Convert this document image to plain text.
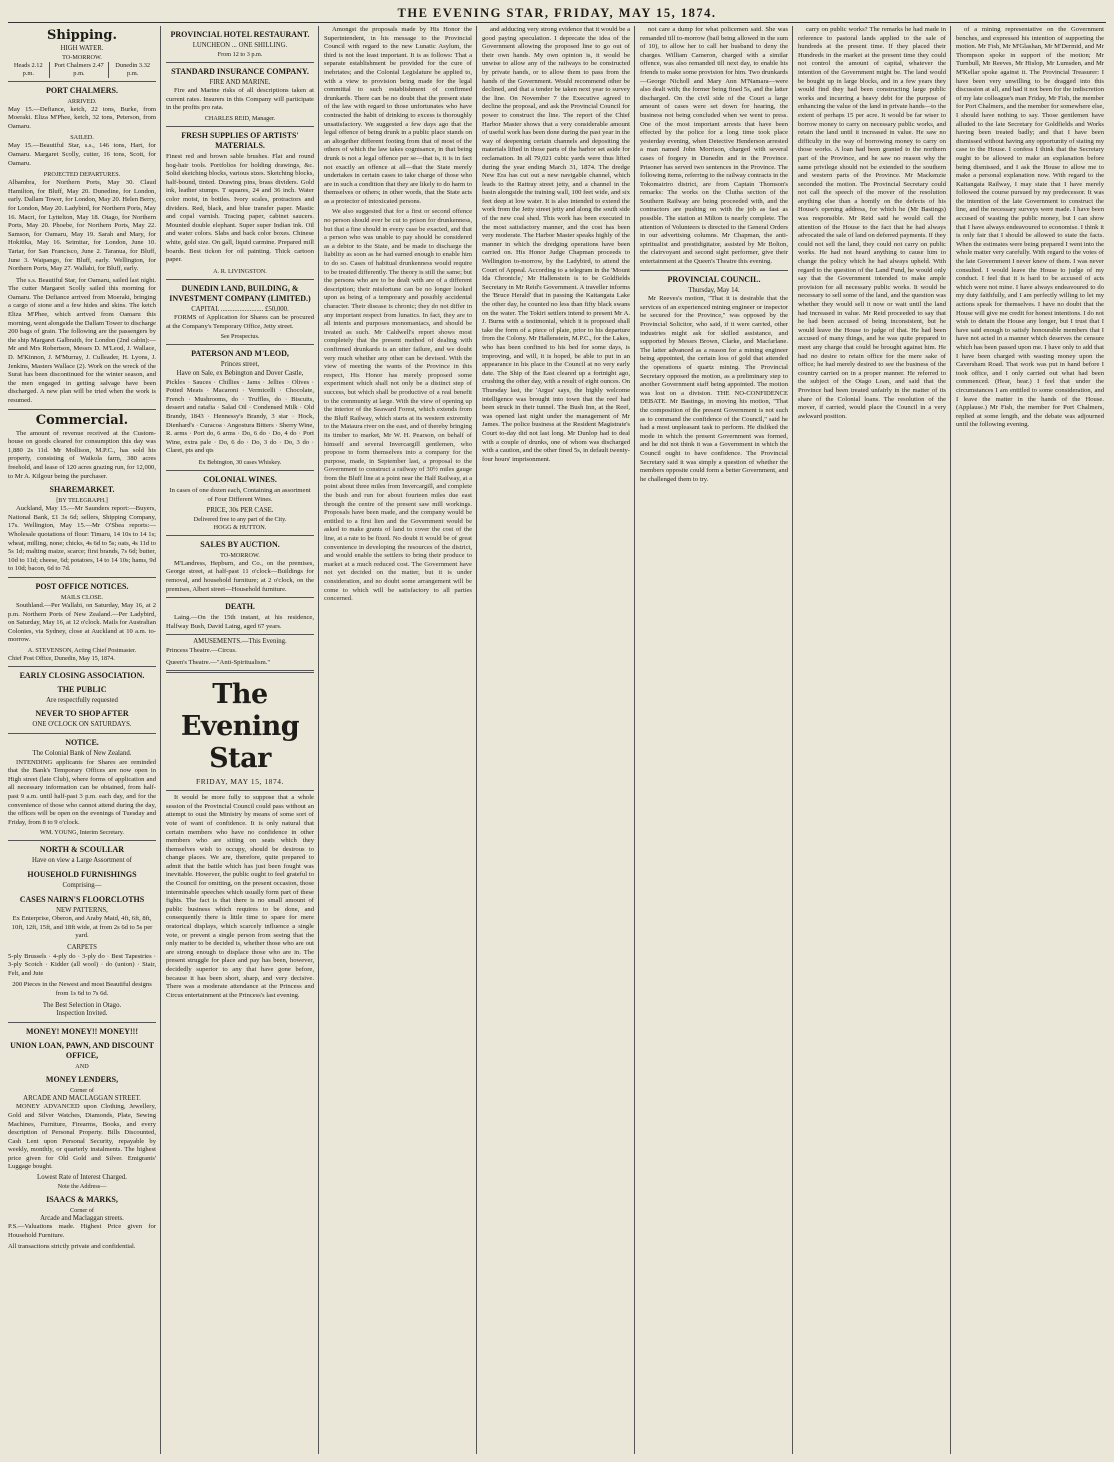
THE EVENING STAR, FRIDAY, MAY 15, 1874.
Shipping.
HIGH WATER.
TO-MORROW.
Heads 2.12 p.m.	Port Chalmers 2.47 p.m.	Dunedin 3.32 p.m.
PORT CHALMERS.
ARRIVED.
May 15.—Defiance, ketch, 22 tons, Burke, from Moeraki. Eliza M'Phee, ketch, 32 tons, Peterson, from Oamaru.
SAILED.
May 15.—Beautiful Star, s.s., 146 tons, Hart, for Oamaru. Margaret Scolly, cutter, 16 tons, Scott, for Oamaru.
PROJECTED DEPARTURES.
Albambra, for Northern Ports, May 30. Claud Hamilton, for Bluff, May 20. Dunedine, for London, early. Dallam Tower, for London, May 20. Helen Berry, for London, May 20. Ladybird, for Northern Ports, May 16. Macri, for Lyttelton, May 18. Otago, for Northern Ports, May 20. Phoebe, for Northern Ports, May 22. Samson, for Oamaru, May 19. Sarah and Mary, for Hokitika, May 16. Seimitar, for London, June 10. Tartar, for San Francisco, June 2. Taranua, for Bluff, June 3. Waipango, for Bluff, early. Wellington, for Northern Ports, May 27. Wallabi, for Bluff, early.
The s.s. Beautiful Star, for Oamaru, sailed last night. The cutter Margaret Scolly sailed this morning for Oamaru. The Defiance arrived from Moeraki, bringing a cargo of stone and a few hides and skins. The ketch Eliza M'Phee, which arrived from Oamaru this morning, went alongside the Dallam Tower to discharge 200 bags of grain. The following are the passengers by the ship Margaret Galbraith, for London (2nd cabin):— Mr and Mrs Robertson, Messrs D. M'Leod, J. Wallace, D. M'Kinnon, J. M'Murray, J. Culleader, H. Lyons, J. Jenkins, Masters Wallace (2). Work on the wreck of the Surat has been discontinued for the winter season, and the men engaged in getting salvage have been discharged. A new plan will be tried when the work is resumed.
Commercial.
The amount of revenue received at the Custom-house on goods cleared for consumption this day was 1,880 2s 11d. Mr Mollison, M.P.C., has sold his property, consisting of Waikola farm, 380 acres freehold, and lease of 120 acres grazing run, for 12,000, to Mr A. Kilgour being the purchaser.
SHAREMARKET.
[BY TELEGRAPH.]
Auckland, May 15.—Mr Saunders report:—Buyers, National Bank, £1 3s 6d; sellers, Shipping Company, 17s. Wellington, May 15.—Mr O'Shea reports:—Wholesale quotations of flour: Timaru, 14 10s to 14 1s; wheat, milling, none; chicks, 4s 6d to 5s; oats, 4s 11d to 5s 1d; malting maize, scarce; first brands, 7s 6d; butter, 10d to 11d; cheese, 6d; potatoes, 14 to 14 10s; hams, 9d to 10d; bacon, 6d to 7d.
POST OFFICE NOTICES.
MAILS CLOSE.
Southland.—Per Wallabi, on Saturday, May 16, at 2 p.m. Northern Ports of New Zealand.—Per Ladybird, on Saturday, May 16, at 12 o'clock. Mails for Australian Colonies, via Sydney, close at Auckland at 10 a.m. to-morrow.
A. STEVENSON, Acting Chief Postmaster.
Chief Post Office, Dunedin, May 15, 1874.
EARLY CLOSING ASSOCIATION.
THE PUBLIC
Are respectfully requested
NEVER TO SHOP AFTER
ONE O'CLOCK ON SATURDAYS.
NOTICE.
The Colonial Bank of New Zealand.
INTENDING applicants for Shares are reminded that the Bank's Temporary Offices are now open in High street (late Club), where forms of application and all necessary information can be obtained, from half-past 9 a.m. until half-past 3 p.m. each day, and for the convenience of those who cannot attend during the day, the offices will be open on the evenings of Tuesday and Friday, from 8 to 9 o'clock.
WM. YOUNG, Interim Secretary.
NORTH & SCOULLAR
Have on view a Large Assortment of
HOUSEHOLD FURNISHINGS
Comprising—
CASES NAIRN'S FLOORCLOTHS
NEW PATTERNS,
Ex Enterprise, Oberon, and Araby Maid, 4ft, 6ft, 8ft, 10ft, 12ft, 15ft, and 18ft wide, at from 2s 6d to 5s per yard.
CARPETS
5-ply Brussels · 4-ply do · 3-ply do · Best Tapestries · 3-ply Scotch · Kidder (all wool) · do (union) · Stair, Felt, and Jute
200 Pieces in the Newest and most Beautiful designs from 1s 6d to 7s 6d.
The Best Selection in Otago.
Inspection Invited.
MONEY! MONEY!! MONEY!!!
UNION LOAN, PAWN, AND DISCOUNT OFFICE,
AND
MONEY LENDERS,
Corner of
ARCADE AND MACLAGGAN STREET.
MONEY ADVANCED upon Clothing, Jewellery, Gold and Silver Watches, Diamonds, Plate, Sewing Machines, Furniture, Firearms, Books, and every description of Personal Property. Bills Discounted, Cash Lent upon Personal Security, repayable by weekly, monthly, or quarterly instalments. The highest price given for Old Gold and Silver. Emigrants' Luggage bought.
Lowest Rate of Interest Charged.
Note the Address—
ISAACS & MARKS,
Corner of
Arcade and Maclaggan streets.
P.S.—Valuations made. Highest Price given for Household Furniture.
All transactions strictly private and confidential.
PROVINCIAL HOTEL RESTAURANT.
LUNCHEON ... ONE SHILLING.
From 12 to 3 p.m.
STANDARD INSURANCE COMPANY.
FIRE AND MARINE.
Fire and Marine risks of all descriptions taken at current rates. Insurers in this Company will participate in the profits pro rata.
CHARLES REID, Manager.
FRESH SUPPLIES OF ARTISTS' MATERIALS.
Finest red and brown sable brushes. Flat and round hog-hair tools. Portfolios for holding drawings, &c. Solid sketching blocks, various sizes. Sketching blocks, half-bound, tinted. Drawing pins, brass dividers. Gold ink, leather stumps. T squares, 24 and 36 inch. Water color moist, in bottles. Ivory scales, protractors and dividers. Red, black, and blue transfer paper. Mastic and copal varnish. Tracing paper, cabinet saucers. Mounted double elephant. Super super Indian ink. Oil and water colors. Slabs and back color boxes. Chinese white, gold size. On gall, liquid carmine. Prepared mill boards. Best tickon for oil painting. Thick cartoon paper.
A. R. LIVINGSTON.
DUNEDIN LAND, BUILDING, & INVESTMENT COMPANY (LIMITED.)
CAPITAL ......................... £50,000.
FORMS of Application for Shares can be procured at the Company's Temporary Office, Jetty street.
See Prospectus.
PATERSON AND M'LEOD,
Princes street,
Have on Sale, ex Bebington and Dover Castle,
Pickles · Sauces · Chillies · Jams · Jellies · Olives · Potted Meats · Macaroni · Vermicelli · Chocolate, French · Mushrooms, do · Truffles, do · Biscuits, dessert and ratafia · Salad Oil · Condensed Milk · Old Brandy, 1843 · Hennessy's Brandy, 3 star · Hock, Dienhard's · Curacoa · Angostura Bitters · Sherry Wine, R. arms · Port do, 6 arms · Do, 6 do · Do, 4 do · Port Wine, extra pale · Do, 6 do · Do, 3 do · Do, 3 do · Claret, pts and qts
Ex Bebington, 30 cases Whiskey.
COLONIAL WINES.
In cases of one dozen each, Containing an assortment of Four Different Wines.
PRICE, 30s PER CASE.
Delivered free to any part of the City.
HOGG & HUTTON.
SALES BY AUCTION.
TO-MORROW.
M'Landress, Hepburn, and Co., on the premises, George street, at half-past 11 o'clock—Buildings for removal, and household furniture; at 2 o'clock, on the premises, Albert street—Household furniture.
DEATH.
Laing.—On the 15th instant, at his residence, Halfway Bush, David Laing, aged 67 years.
AMUSEMENTS.—This Evening.
Princess Theatre.—Circus.
Queen's Theatre.—"Anti-Spiritualism."
The Evening Star
FRIDAY, MAY 15, 1874.
It would be more fully to suppose that a whole session of the Provincial Council could pass without an attempt to oust the Ministry by means of some sort of vote of want of confidence. It is only natural that certain members who have no confidence in other members who are sitting on seats which they themselves wish to occupy, should be desirous to change places. We are, therefore, quite prepared to admit that the battle which has just been fought was inevitable. However, the public ought to feel grateful to the Council for omitting, on the present occasion, those interminable speeches which usually form part of these fights. The fact is that there is no small amount of public business which requires to be done, and consequently there is little time to spare for mere oratorical displays, which scarcely influence a single vote, or prevent a single person from seeing that the only matter to be decided is, whether those who are out are strong enough to displace those who are in. The present struggle for place and pay has been, however, decidedly superior to any that have gone before, because it has been short, sharp, and very decisive. There was a moderate attendance at the Princess and Circus entertainment at the Princess's last evening.
Amongst the proposals made by His Honor the Superintendent, in his message to the Provincial Council with regard to the new Lunatic Asylum, the third is not the least important. It is as follows: That a separate establishment be provided for the cure of inebriates; and the Colonial Legislature be applied to, with a view to provision being made for the legal committal to such establishment of confirmed drunkards. There can be no doubt that the present state of the law with regard to those unfortunates who have contracted the habit of drinking to excess is thoroughly unsatisfactory. We suggested a few days ago that the legal offence of being drunk in a public place stands on an altogether different footing from that of most of the others of which the law takes cognisance, in that being drunk is not a legal offence per se—that is, it is in fact not exactly an offence at all—that the State merely undertakes in certain cases to take charge of those who are in such a condition that they are likely to do harm to themselves or others; in other words, that the State acts as a protector of intoxicated persons.
We also suggested that for a first or second offence no person should ever be cut to prison for drunkenness, but that a fine should in every case be exacted, and that a person who was unable to pay should be considered as a debtor to the State, and be made to discharge the liability as soon as he had earned enough to enable him to do so. Cases of habitual drunkenness would require to be treated differently. The theory is still the same; but the persons who are to be dealt with are of a different description; their misfortune can be no longer looked upon as being of a temporary and possibly accidental character. Their disease is chronic; they do not differ in any important respect from lunatics. In fact, they are to all intents and purposes monomaniacs, and should be treated as such. Mr Caldwell's report shows most completely that the present method of dealing with confirmed drunkards is an utter failure, and we doubt very much whether any other can be devised. With the view of meeting the wants of the Province in this respect, His Honor has merely proposed some experiment which shall not only be a distinct step of success, but which shall be productive of a real benefit to the community at large. With the view of opening up the interior of the Seaward Forest, which extends from the Bluff Railway, which starts at its western extremity to the Mataura river on the east, and of thereby bringing its timber to market, Mr W. H. Pearson, on behalf of himself and several Invercargill gentlemen, who propose to form themselves into a company for the purpose, made, in September last, a proposal to the Government to construct a railway of 30½ miles gauge from the Bluff line at a point near the Half Railway, at a point about three miles from Invercargill, and complete the bush and run for about fourteen miles due east through the centre of the present saw mill workings. Proposals have been made, and the company would be entitled to a first lien and the Government would be asked to make grants of land to cover the cost of the line, at a rate to be fixed. No doubt it would be of great convenience in developing the resources of the district, and would enable the settlers to bring their produce to market at a much reduced cost. The Government have not yet decided on the matter, but it is under consideration, and no doubt some arrangement will be come to which will be satisfactory to all parties concerned.
and adducing very strong evidence that it would be a good paying speculation. I deprecate the idea of the Government allowing the proposed line to go out of their own hands. My own opinion is, it would be unwise to allow any of the railways to be constructed by private hands, or to allow them to pass from the hands of the Government. Would recommend other be declined, and that a tender be taken next year to survey the line. On November 7 the Executive agreed to decline the proposal, and ask the Provincial Council for power to construct the line. The report of the Chief Harbor Master shows that a very considerable amount of useful work has been done during the past year in the way of deepening certain channels and depositing the materials lifted in those parts of the harbor set aside for reclamation. In all 79,021 cubic yards were thus lifted during the year ending March 31, 1874. The dredge New Era has cut out a new navigable channel, which leads to the Rattray street jetty, and a channel in the basin alongside the training wall, 100 feet wide, and six feet deep at low water. It is also intended to extend the work from the Jetty street jetty and along the south side of the new coal shed. This work has been executed in the most satisfactory manner, and the cost has been very moderate. The Harbor Master speaks highly of the manner in which the dredging operations have been carried on. His Honor Judge Chapman proceeds to Wellington to-morrow, by the Ladybird, to attend the Court of Appeal. According to a telegram in the 'Mount Ida Chronicle,' Mr Hallenstein is to be Goldfields Secretary in Mr Reid's Government. A traveller informs the 'Bruce Herald' that in passing the Kaitangata Lake the other day, he counted no less than fifty black swans on the water. The Tokiri settlers intend to present Mr A. J. Burns with a testimonial, which it is proposed shall take the form of a piece of plate, prior to his departure from the Colony. Mr Hallenstein, M.P.C., for the Lakes, who has been confined to his bed for some days, is improving, and will, it is hoped, be able to put in an appearance in his place in the Council at no very early date. The Ship of the East cleared up a fortnight ago, crushing the other day, with a result of eight ounces. On Thursday last, the 'Argus' says, the highly welcome intelligence was brought into town that the reef had been struck in their tunnel. The Bush Inn, at the Reef, was opened last night under the management of Mr James. The police business at the Resident Magistrate's Court to-day did not last long. Mr Dunlop had to deal with a couple of drunks, one of whom was discharged with a caution, and the other fined 5s, in default twenty-four hours' imprisonment.
not care a dump for what policemen said. She was remanded till to-morrow (bail being allowed in the sum of 10), to allow her to call her husband to deny the charges. William Cameron, charged with a similar offence, was also remanded till next day, to enable his friends to make some provision for him. Two drunkards—George Nicholl and Mary Ann M'Namara—were also dealt with; the former being fined 5s, and the latter discharged. On the civil side of the Court a large amount of cases were set down for hearing, the business not being concluded when we went to press. One of the most important arrests that have been effected by the police for a long time took place yesterday evening, when Detective Henderson arrested a man named John Morrison, charged with several cases of forgery in Dunedin and in the Province. Prisoner has served two sentences in the Province. The following items, referring to the railway contracts in the Tokomairiro district, are from Captain Thomson's remarks: The works on the Clutha section of the Southern Railway are being proceeded with, and the contractors are pushing on with the job as fast as possible. The station at Milton is nearly complete. The attention of Volunteers is directed to the General Orders in our advertising columns. Mr Chapman, the anti-spiritualist and prestidigitator, assisted by Mr Bolton, the clairvoyant and second sight performer, give their entertainment at the Queen's Theatre this evening.
PROVINCIAL COUNCIL.
Thursday, May 14.
Mr Reeves's motion, "That it is desirable that the services of an experienced mining engineer or inspector be secured for the Province," was opposed by the Provincial Solicitor, who said, if it were carried, other industries might ask for skilled assistance, and supported by Messrs Brown, Clarke, and Macfarlane. The latter advanced as a reason for a mining engineer being appointed, the certain loss of gold that attended the operations of quartz mining. The Provincial Secretary opposed the motion, as a preliminary step to another Government staff being appointed. The motion was lost on a division. THE NO-CONFIDENCE DEBATE. Mr Bastings, in moving his motion, "That the composition of the present Government is not such as to command the confidence of the Council," said he had a most unpleasant task to perform. He disliked the mode in which the present Government was formed, and he did not think it was a Government in which the Council ought to have confidence. The Provincial Secretary said it was simply a question of whether the members opposite could form a better Government, and he challenged them to try.
carry on public works? The remarks he had made in reference to pastoral lands applied to the sale of hundreds at the present time. If they placed their Hundreds in the market at the present time they could not control the amount of capital, whatever the intention of the Government might be. The land would be bought up in large blocks, and in a few years they would find they had been constructing large public works and incurring a heavy debt for the purpose of enhancing the value of the land in private hands—to the extent of perhaps 15 per acre. It would be far wiser to borrow money to carry on necessary public works, and retain the land until it increased in value. He saw no difficulty in the way of borrowing money to carry on those works. A loan had been granted to the northern part of the Province, and he saw no reason why the same privilege should not be extended to the southern and western parts of the Province. Mr Mackenzie seconded the motion. The Provincial Secretary could not call the speech of the mover of the resolution anything else than a homily on the defects of his House's opening address, for which he (Mr Bastings) was responsible. Mr Reid said he would call the attention of the House to the fact that he had always advocated the sale of land on deferred payments. If they could not sell the land, they could not carry on public works. He had not heard anything to cause him to change the policy which he had always upheld. With regard to the question of the Land Fund, he would only say that the Government intended to make ample provision for all necessary public works. It would be necessary to sell some of the land, and the question was whether they would sell it now or wait until the land had increased in value. Mr Reid proceeded to say that he had been accused of being inconsistent, but he would leave the House to judge of that. He had been accused of many things, and he was quite prepared to meet any charge that could be brought against him. He had no desire to retain office for the mere sake of office; he had merely desired to see the business of the country carried on in a proper manner. He referred to the subject of the Otago Loan, and said that the Province had been treated unfairly in the matter of its share of the Colonial loans. The resolution of the mover, if carried, would place the Council in a very awkward position.
of a mining representative on the Government benches, and expressed his intention of supporting the motion. Mr Fish, Mr M'Glashan, Mr M'Dermid, and Mr Thompson spoke in support of the motion; Mr Turnbull, Mr Reeves, Mr Hislop, Mr Lumsden, and Mr M'Kellar spoke against it. The Provincial Treasurer: I have been very unwilling to be dragged into this discussion at all, and had it not been for the indiscretion of my late colleague's man Friday, Mr Fish, the member for Port Chalmers, and the member for somewhere else, I should have nothing to say. Those gentlemen have alluded to the late Secretary for Goldfields and Works having been treated badly; and that I have been dismissed without having any opportunity of stating my case to the House. I confess I think that the Secretary ought to be allowed to make an explanation before being dismissed, and I ask the House to allow me to make a personal explanation now. With regard to the Kaitangata Railway, I may state that I have merely followed the course pursued by my predecessor. It was the intention of the late Government to construct the line, and the necessary surveys were made. I have been accused of wasting the public money, but I can show that I have always endeavoured to economise. I think it is only fair that I should be allowed to state the facts. When the estimates were being prepared I went into the whole matter very carefully. With regard to the votes of the late Government I never knew of them. I was never consulted. I would leave the House to judge of my conduct. I feel that it is hard to be accused of acts which were not mine. I have always endeavoured to do my duty faithfully, and I am perfectly willing to let my actions speak for themselves. I have no doubt that the House will give me credit for honest intentions. I do not wish to detain the House any longer, but I trust that I have said enough to satisfy honourable members that I have not acted in a manner which deserves the censure which has been passed upon me. I have only to add that I have been charged with wasting money upon the Caversham Road. That work was put in hand before I took office, and I only carried out what had been commenced. (Hear, hear.) I feel that under the circumstances I am entitled to some consideration, and I leave the matter in the hands of the House. (Applause.) Mr Fish, the member for Port Chalmers, replied at some length, and the debate was adjourned until the following evening.
